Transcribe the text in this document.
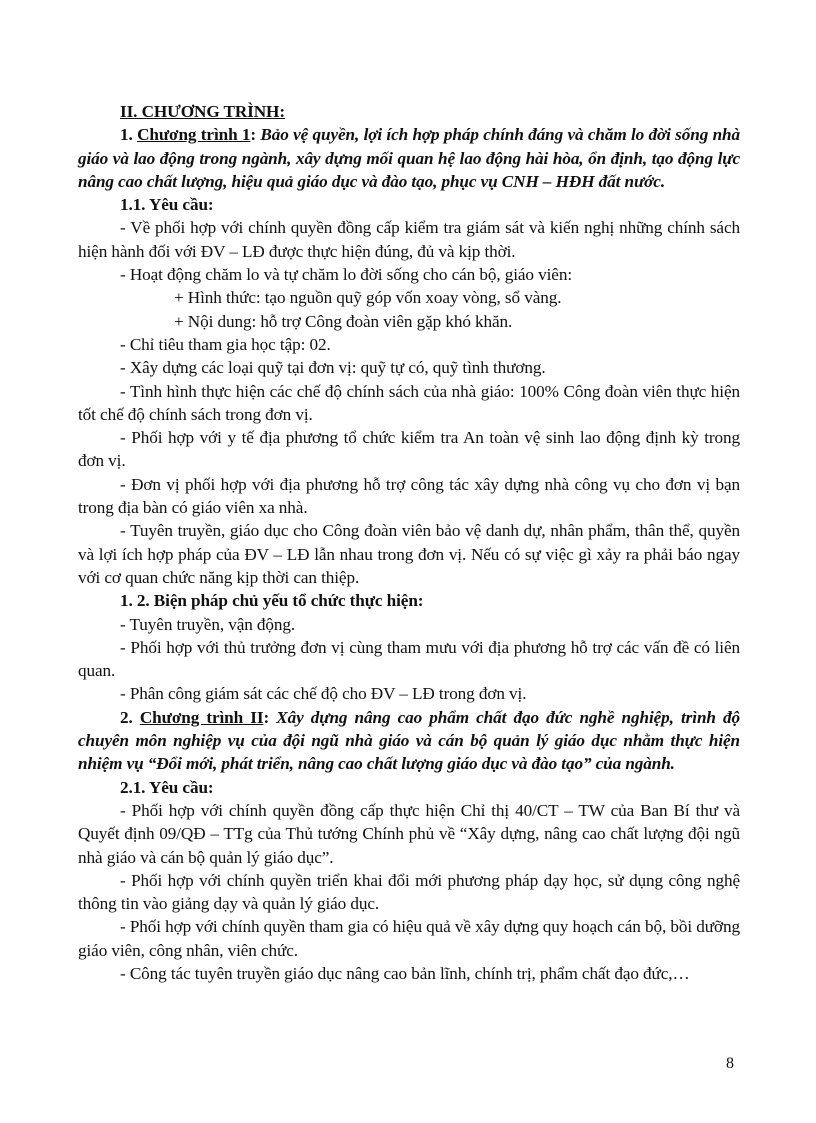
II. CHƯƠNG TRÌNH:

1. Chương trình 1: Bảo vệ quyền, lợi ích hợp pháp chính đáng và chăm lo đời sống nhà giáo và lao động trong ngành, xây dựng mối quan hệ lao động hài hòa, ổn định, tạo động lực nâng cao chất lượng, hiệu quả giáo dục và đào tạo, phục vụ CNH – HĐH đất nước.

1.1. Yêu cầu:

- Về phối hợp với chính quyền đồng cấp kiểm tra giám sát và kiến nghị những chính sách hiện hành đối với ĐV – LĐ được thực hiện đúng, đủ và kịp thời.

- Hoạt động chăm lo và tự chăm lo đời sống cho cán bộ, giáo viên:

+ Hình thức: tạo nguồn quỹ góp vốn xoay vòng, sổ vàng.

+ Nội dung: hỗ trợ Công đoàn viên gặp khó khăn.

- Chỉ tiêu tham gia học tập: 02.

- Xây dựng các loại quỹ tại đơn vị: quỹ tự có, quỹ tình thương.

- Tình hình thực hiện các chế độ chính sách của nhà giáo: 100% Công đoàn viên thực hiện tốt chế độ chính sách trong đơn vị.

- Phối hợp với y tế địa phương tổ chức kiểm tra An toàn vệ sinh lao động định kỳ trong đơn vị.

- Đơn vị phối hợp với địa phương hỗ trợ công tác xây dựng nhà công vụ cho đơn vị bạn trong địa bàn có giáo viên xa nhà.

- Tuyên truyền, giáo dục cho Công đoàn viên bảo vệ danh dự, nhân phẩm, thân thể, quyền và lợi ích hợp pháp của ĐV – LĐ lẫn nhau trong đơn vị. Nếu có sự việc gì xảy ra phải báo ngay với cơ quan chức năng kịp thời can thiệp.

1. 2. Biện pháp chủ yếu tổ chức thực hiện:

- Tuyên truyền, vận động.

- Phối hợp với thủ trưởng đơn vị cùng tham mưu với địa phương hỗ trợ các vấn đề có liên quan.

- Phân công giám sát các chế độ cho ĐV – LĐ trong đơn vị.

2. Chương trình II: Xây dựng nâng cao phẩm chất đạo đức nghề nghiệp, trình độ chuyên môn nghiệp vụ của đội ngũ nhà giáo và cán bộ quản lý giáo dục nhằm thực hiện nhiệm vụ “Đổi mới, phát triển, nâng cao chất lượng giáo dục và đào tạo” của ngành.

2.1. Yêu cầu:

- Phối hợp với chính quyền đồng cấp thực hiện Chỉ thị 40/CT – TW của Ban Bí thư và Quyết định 09/QĐ – TTg của Thủ tướng Chính phủ về “Xây dựng, nâng cao chất lượng đội ngũ nhà giáo và cán bộ quản lý giáo dục”.

- Phối hợp với chính quyền triển khai đổi mới phương pháp dạy học, sử dụng công nghệ thông tin vào giảng dạy và quản lý giáo dục.

- Phối hợp với chính quyền tham gia có hiệu quả về xây dựng quy hoạch cán bộ, bồi dưỡng giáo viên, công nhân, viên chức.

- Công tác tuyên truyền giáo dục nâng cao bản lĩnh, chính trị, phẩm chất đạo đức,…

8
